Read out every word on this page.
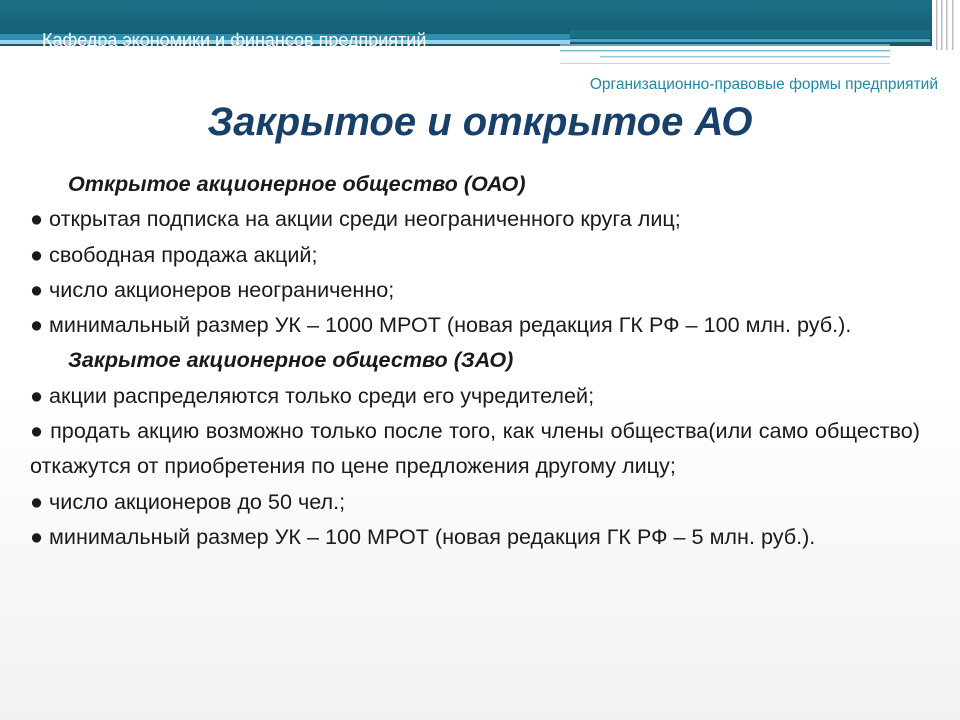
Кафедра экономики и финансов предприятий
Организационно-правовые формы предприятий
Закрытое и открытое АО
Открытое акционерное общество (ОАО)

● открытая подписка на акции среди неограниченного круга лиц;

● свободная продажа акций;

● число акционеров неограниченно;

● минимальный размер УК – 1000 МРОТ (новая редакция ГК РФ – 100 млн. руб.).

Закрытое акционерное общество (ЗАО)

● акции распределяются только среди его учредителей;

● продать акцию возможно только после того, как члены общества(или само общество) откажутся от приобретения по цене предложения другому лицу;

● число акционеров до 50 чел.;

● минимальный размер УК – 100 МРОТ (новая редакция ГК РФ – 5 млн. руб.).
